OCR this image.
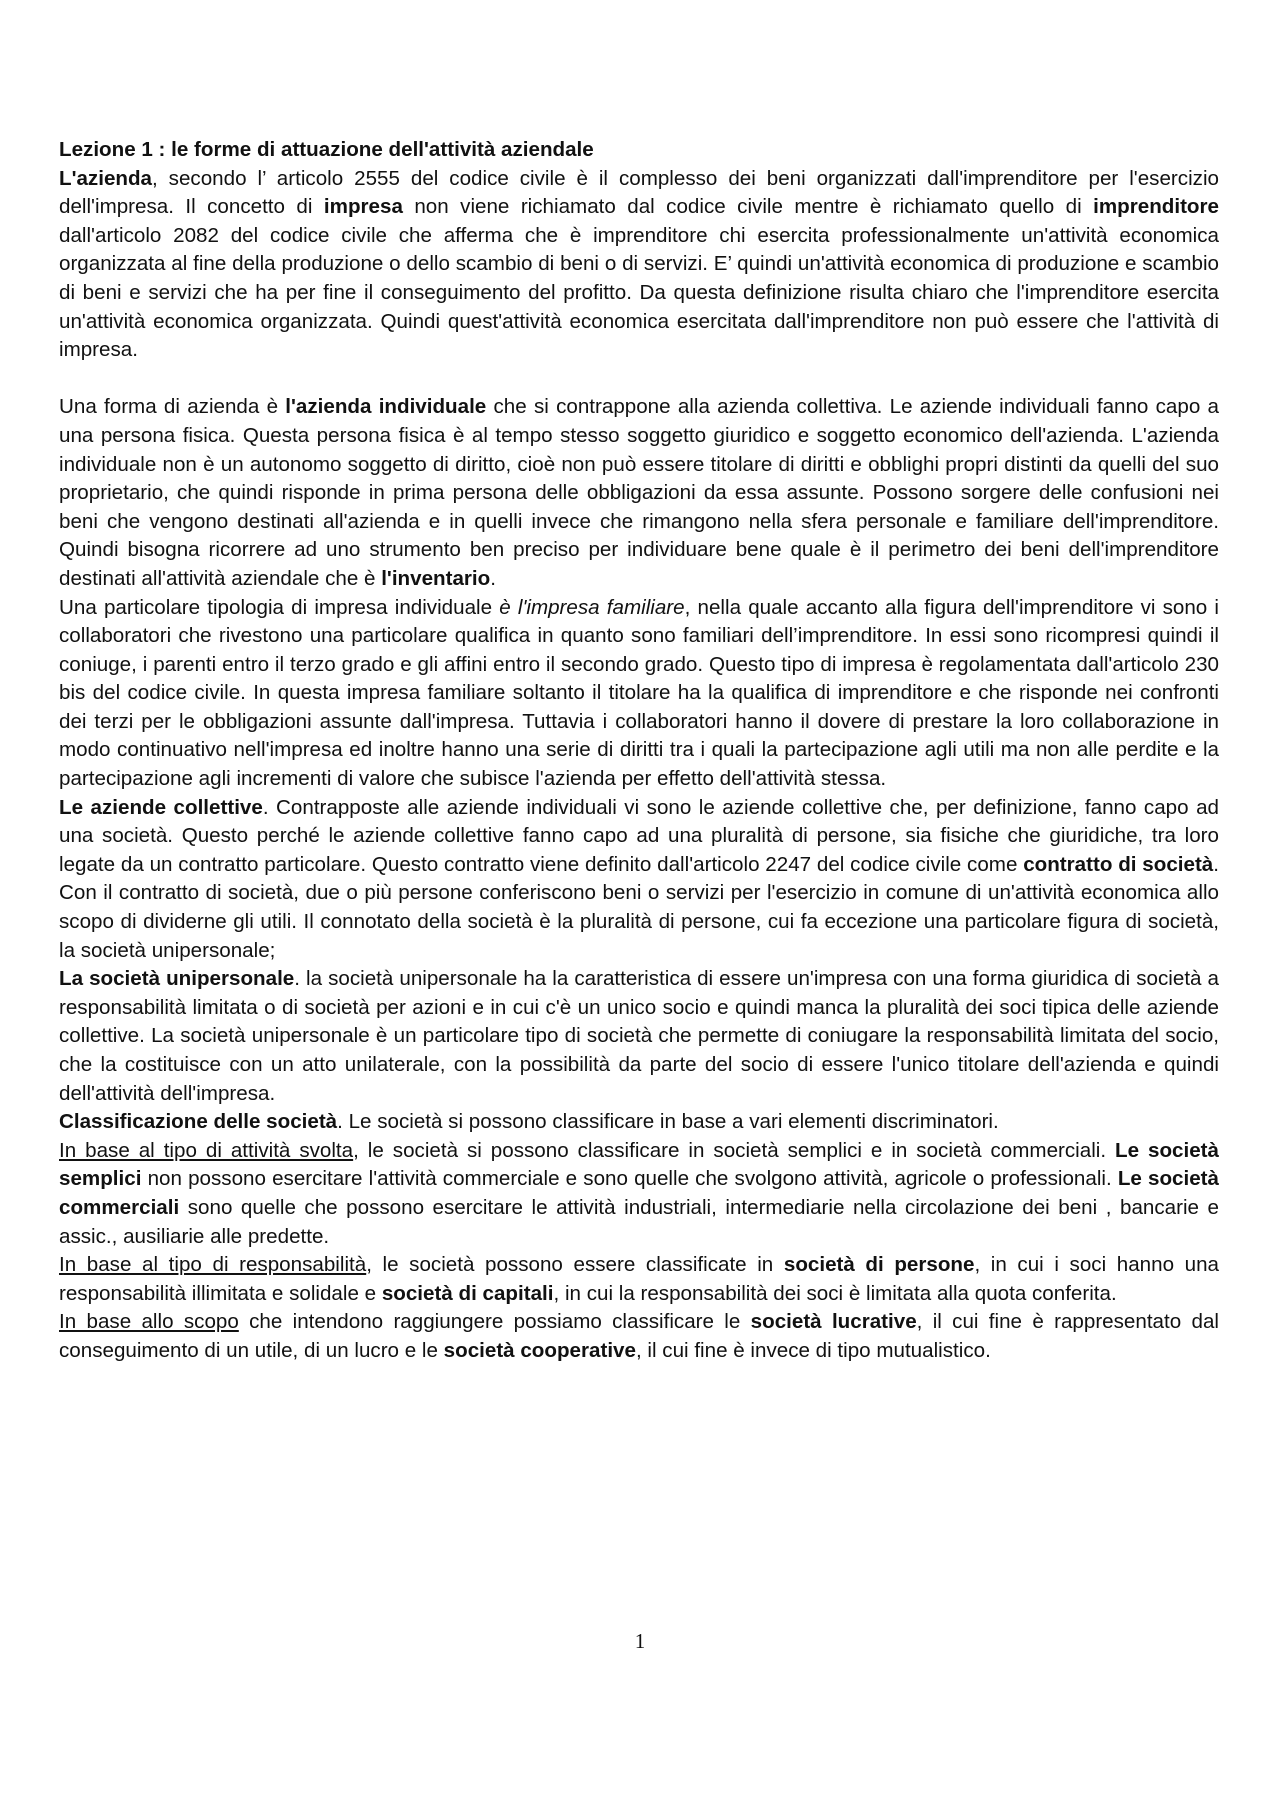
Lezione 1 : le forme di attuazione dell'attività aziendale

L'azienda, secondo l’ articolo 2555 del codice civile è il complesso dei beni organizzati dall'imprenditore per l'esercizio dell'impresa. Il concetto di impresa non viene richiamato dal codice civile mentre è richiamato quello di imprenditore dall'articolo 2082 del codice civile che afferma che è imprenditore chi esercita professionalmente un'attività economica organizzata al fine della produzione o dello scambio di beni o di servizi. E’ quindi un'attività economica di produzione e scambio di beni e servizi che ha per fine il conseguimento del profitto. Da questa definizione risulta chiaro che l'imprenditore esercita un'attività economica organizzata. Quindi quest'attività economica esercitata dall'imprenditore non può essere che l'attività di impresa.

Una forma di azienda è l'azienda individuale che si contrappone alla azienda collettiva. Le aziende individuali fanno capo a una persona fisica. Questa persona fisica è al tempo stesso soggetto giuridico e soggetto economico dell'azienda. L'azienda individuale non è un autonomo soggetto di diritto, cioè non può essere titolare di diritti e obblighi propri distinti da quelli del suo proprietario, che quindi risponde in prima persona delle obbligazioni da essa assunte. Possono sorgere delle confusioni nei beni che vengono destinati all'azienda e in quelli invece che rimangono nella sfera personale e familiare dell'imprenditore. Quindi bisogna ricorrere ad uno strumento ben preciso per individuare bene quale è il perimetro dei beni dell'imprenditore destinati all'attività aziendale che è l'inventario.

Una particolare tipologia di impresa individuale è l'impresa familiare, nella quale accanto alla figura dell'imprenditore vi sono i collaboratori che rivestono una particolare qualifica in quanto sono familiari dell’imprenditore. In essi sono ricompresi quindi il coniuge, i parenti entro il terzo grado e gli affini entro il secondo grado. Questo tipo di impresa è regolamentata dall'articolo 230 bis del codice civile. In questa impresa familiare soltanto il titolare ha la qualifica di imprenditore e che risponde nei confronti dei terzi per le obbligazioni assunte dall'impresa. Tuttavia i collaboratori hanno il dovere di prestare la loro collaborazione in modo continuativo nell'impresa ed inoltre hanno una serie di diritti tra i quali la partecipazione agli utili ma non alle perdite e la partecipazione agli incrementi di valore che subisce l'azienda per effetto dell'attività stessa.

Le aziende collettive. Contrapposte alle aziende individuali vi sono le aziende collettive che, per definizione, fanno capo ad una società. Questo perché le aziende collettive fanno capo ad una pluralità di persone, sia fisiche che giuridiche, tra loro legate da un contratto particolare. Questo contratto viene definito dall'articolo 2247 del codice civile come contratto di società. Con il contratto di società, due o più persone conferiscono beni o servizi per l'esercizio in comune di un'attività economica allo scopo di dividerne gli utili. Il connotato della società è la pluralità di persone, cui fa eccezione una particolare figura di società, la società unipersonale;

La società unipersonale. la società unipersonale ha la caratteristica di essere un'impresa con una forma giuridica di società a responsabilità limitata o di società per azioni e in cui c'è un unico socio e quindi manca la pluralità dei soci tipica delle aziende collettive. La società unipersonale è un particolare tipo di società che permette di coniugare la responsabilità limitata del socio, che la costituisce con un atto unilaterale, con la possibilità da parte del socio di essere l'unico titolare dell'azienda e quindi dell'attività dell'impresa.

Classificazione delle società. Le società si possono classificare in base a vari elementi discriminatori.

In base al tipo di attività svolta, le società si possono classificare in società semplici e in società commerciali. Le società semplici non possono esercitare l'attività commerciale e sono quelle che svolgono attività, agricole o professionali. Le società commerciali sono quelle che possono esercitare le attività industriali, intermediarie nella circolazione dei beni , bancarie e assic., ausiliarie alle predette.

In base al tipo di responsabilità, le società possono essere classificate in società di persone, in cui i soci hanno una responsabilità illimitata e solidale e società di capitali, in cui la responsabilità dei soci è limitata alla quota conferita.

In base allo scopo che intendono raggiungere possiamo classificare le società lucrative, il cui fine è rappresentato dal conseguimento di un utile, di un lucro e le società cooperative, il cui fine è invece di tipo mutualistico.

1
